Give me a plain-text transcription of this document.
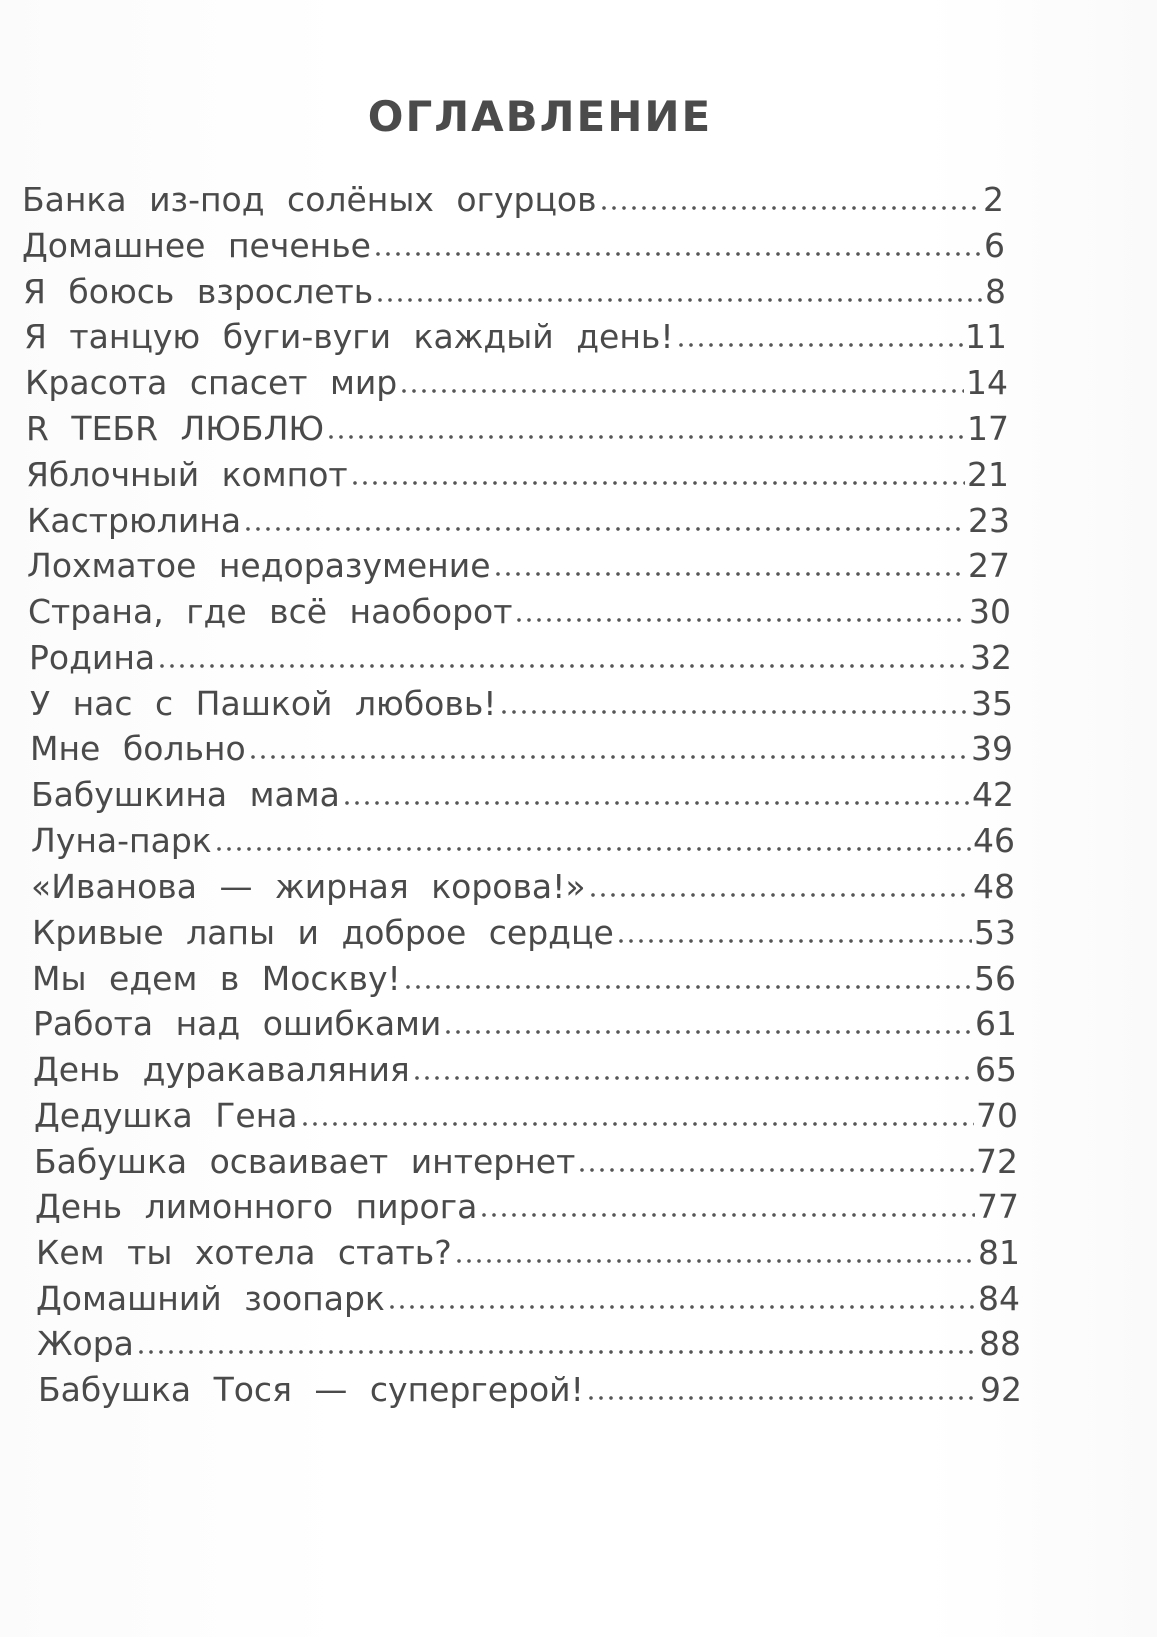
ОГЛАВЛЕНИЕ
Банка из-под солёных огурцов	2
Домашнее печенье	6
Я боюсь взрослеть	8
Я танцую буги-вуги каждый день!	11
Красота спасет мир	14
R ТЕБR ЛЮБЛЮ	17
Яблочный компот	21
Кастрюлина	23
Лохматое недоразумение	27
Страна, где всё наоборот	30
Родина	32
У нас с Пашкой любовь!	35
Мне больно	39
Бабушкина мама	42
Луна-парк	46
«Иванова — жирная корова!»	48
Кривые лапы и доброе сердце	53
Мы едем в Москву!	56
Работа над ошибками	61
День дуракаваляния	65
Дедушка Гена	70
Бабушка осваивает интернет	72
День лимонного пирога	77
Кем ты хотела стать?	81
Домашний зоопарк	84
Жора	88
Бабушка Тося — супергерой!	92
